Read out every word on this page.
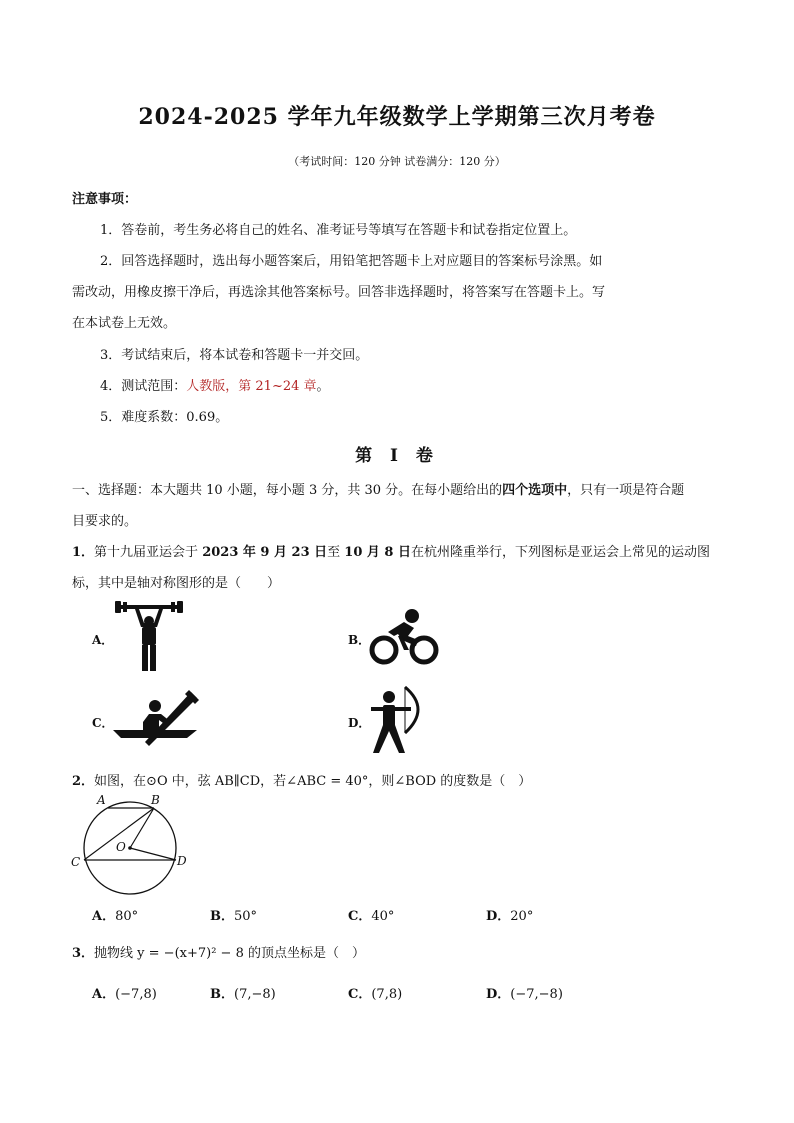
2024-2025 学年九年级数学上学期第三次月考卷
（考试时间：120 分钟 试卷满分：120 分）
注意事项：
1．答卷前，考生务必将自己的姓名、准考证号等填写在答题卡和试卷指定位置上。
2．回答选择题时，选出每小题答案后，用铅笔把答题卡上对应题目的答案标号涂黑。如
需改动，用橡皮擦干净后，再选涂其他答案标号。回答非选择题时，将答案写在答题卡上。写
在本试卷上无效。
3．考试结束后，将本试卷和答题卡一并交回。
4．测试范围：人教版，第 21~24 章。
5．难度系数：0.69。
第 Ⅰ 卷
一、选择题：本大题共 10 小题，每小题 3 分，共 30 分。在每小题给出的四个选项中，只有一项是符合题
目要求的。
1．第十九届亚运会于 2023 年 9 月 23 日至 10 月 8 日在杭州隆重举行，下列图标是亚运会上常见的运动图
标，其中是轴对称图形的是（　　）
A．	B．
C．	D．
2．如图，在⊙O 中，弦 AB∥CD，若∠ABC = 40°，则∠BOD 的度数是（　）
A	B
C	D
O
A．80°	B．50°	C．40°	D．20°
3．抛物线 y = −(x+7)² − 8 的顶点坐标是（　）
A．(−7,8)	B．(7,−8)	C．(7,8)	D．(−7,−8)
